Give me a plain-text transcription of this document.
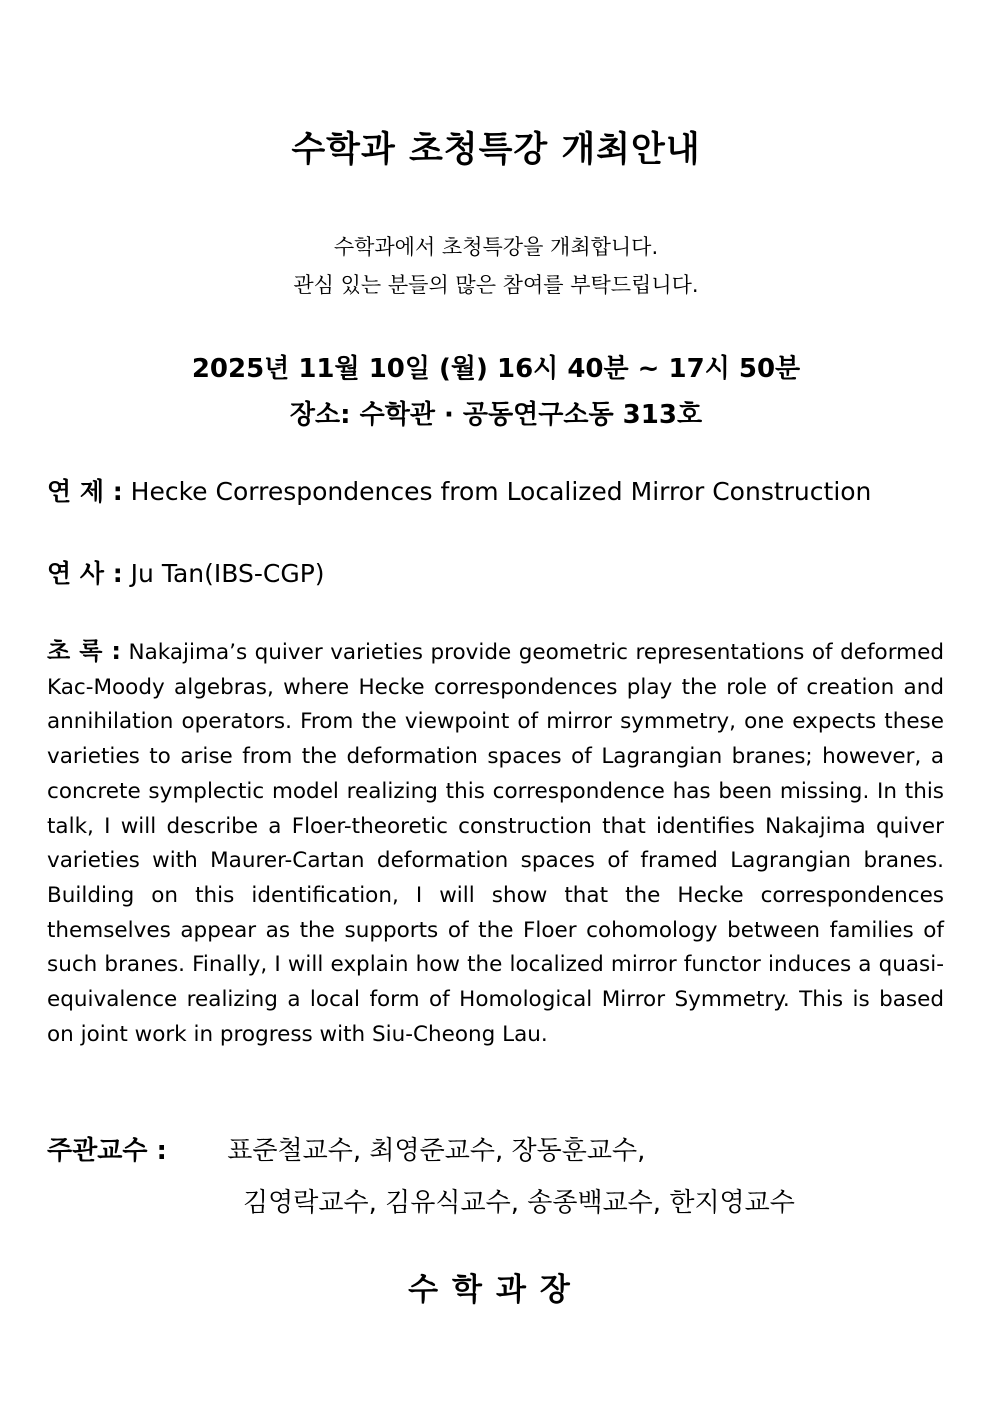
수학과 초청특강 개최안내
수학과에서 초청특강을 개최합니다.
관심 있는 분들의 많은 참여를 부탁드립니다.
2025년 11월 10일 (월) 16시 40분 ~ 17시 50분
장소: 수학관 · 공동연구소동 313호
연 제 : Hecke Correspondences from Localized Mirror Construction
연 사 : Ju Tan(IBS-CGP)
초 록 : Nakajima’s quiver varieties provide geometric representations of deformed Kac-Moody algebras, where Hecke correspondences play the role of creation and annihilation operators. From the viewpoint of mirror symmetry, one expects these varieties to arise from the deformation spaces of Lagrangian branes; however, a concrete symplectic model realizing this correspondence has been missing. In this talk, I will describe a Floer-theoretic construction that identifies Nakajima quiver varieties with Maurer-Cartan deformation spaces of framed Lagrangian branes. Building on this identification, I will show that the Hecke correspondences themselves appear as the supports of the Floer cohomology between families of such branes. Finally, I will explain how the localized mirror functor induces a quasi-equivalence realizing a local form of Homological Mirror Symmetry. This is based on joint work in progress with Siu-Cheong Lau.
주관교수 : 표준철교수, 최영준교수, 장동훈교수,
김영락교수, 김유식교수, 송종백교수, 한지영교수
수학과장
